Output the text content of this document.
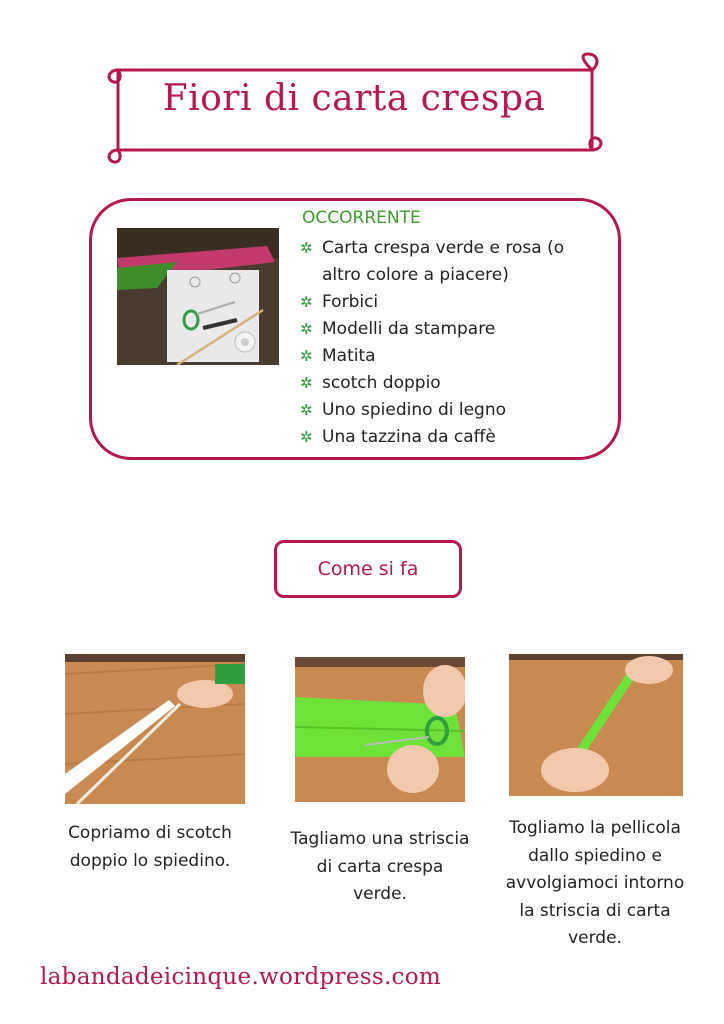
Fiori di carta crespa
OCCORRENTE
✲ Carta crespa verde e rosa (o altro colore a piacere)
✲ Forbici
✲ Modelli da stampare
✲ Matita
✲ scotch doppio
✲ Uno spiedino di legno
✲ Una tazzina da caffè
Come si fa
Copriamo di scotch doppio lo spiedino.
Tagliamo una striscia di carta crespa verde.
Togliamo la pellicola dallo spiedino e avvolgiamoci intorno la striscia di carta verde.
labandadeicinque.wordpress.com
